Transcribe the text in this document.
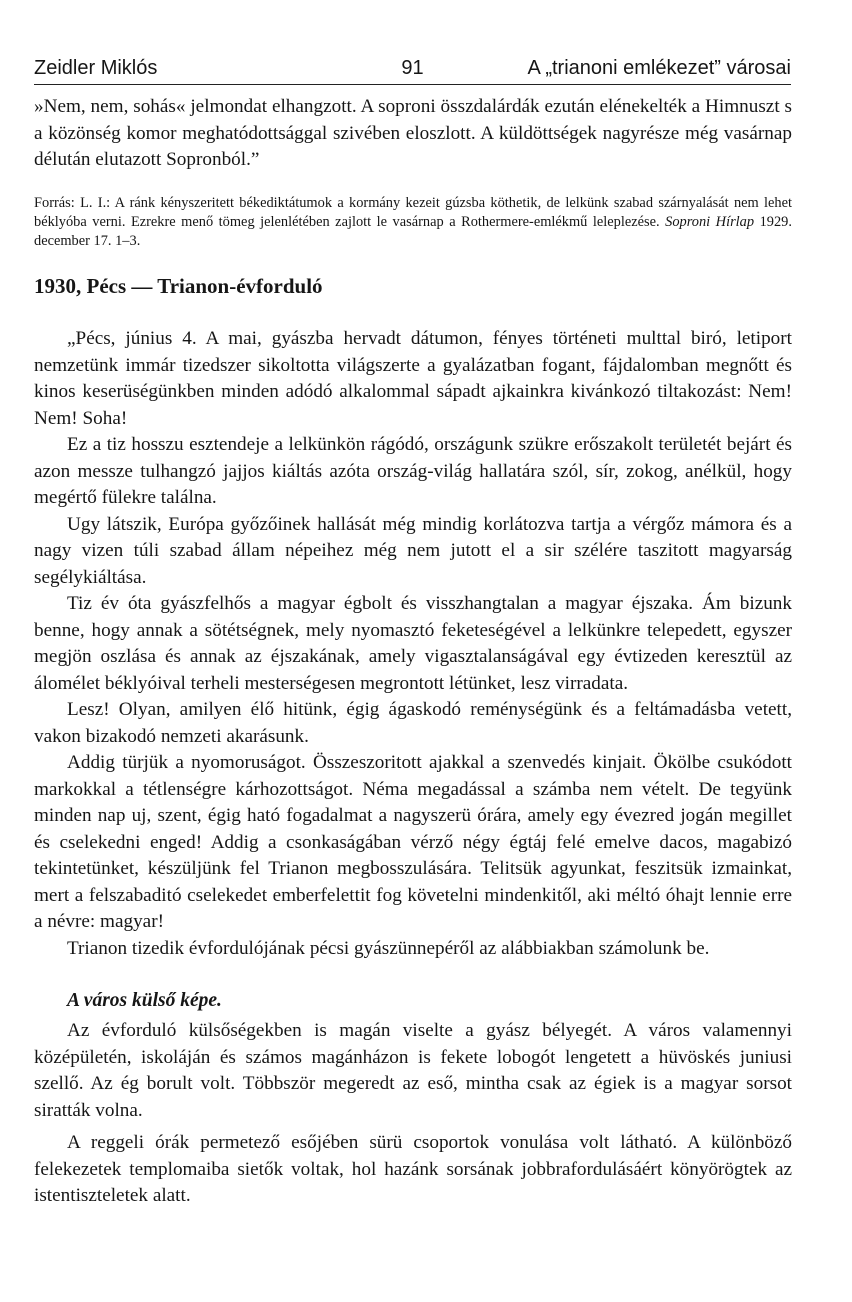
Zeidler Miklós	91	A „trianoni emlékezet” városai

»Nem, nem, sohás« jelmondat elhangzott. A soproni összdalárdák ezután elénekelték a Himnuszt s a közönség komor meghatódottsággal szivében eloszlott. A küldöttségek nagyrésze még vasárnap délután elutazott Sopronból.”

Forrás: L. I.: A ránk kényszeritett békediktátumok a kormány kezeit gúzsba köthetik, de lelkünk szabad szárnyalását nem lehet béklyóba verni. Ezrekre menő tömeg jelenlétében zajlott le vasárnap a Rothermere-emlékmű leleplezése. Soproni Hírlap 1929. december 17. 1–3.

1930, Pécs — Trianon-évforduló

„Pécs, június 4. A mai, gyászba hervadt dátumon, fényes történeti multtal biró, letiport nemzetünk immár tizedszer sikoltotta világszerte a gyalázatban fogant, fájdalomban megnőtt és kinos keserüségünkben minden adódó alkalommal sápadt ajkainkra kivánkozó tiltakozást: Nem! Nem! Soha!

Ez a tiz hosszu esztendeje a lelkünkön rágódó, országunk szükre erőszakolt területét bejárt és azon messze tulhangzó jajjos kiáltás azóta ország-világ hallatára szól, sír, zokog, anélkül, hogy megértő fülekre találna.

Ugy látszik, Európa győzőinek hallását még mindig korlátozva tartja a vérgőz mámora és a nagy vizen túli szabad állam népeihez még nem jutott el a sir szélére taszitott magyarság segélykiáltása.

Tiz év óta gyászfelhős a magyar égbolt és visszhangtalan a magyar éjszaka. Ám bizunk benne, hogy annak a sötétségnek, mely nyomasztó feketeségével a lelkünkre telepedett, egyszer megjön oszlása és annak az éjszakának, amely vigasztalanságával egy évtizeden keresztül az álomélet béklyóival terheli mesterségesen megrontott létünket, lesz virradata.

Lesz! Olyan, amilyen élő hitünk, égig ágaskodó reménységünk és a feltámadásba vetett, vakon bizakodó nemzeti akarásunk.

Addig türjük a nyomoruságot. Összeszoritott ajakkal a szenvedés kinjait. Ökölbe csukódott markokkal a tétlenségre kárhozottságot. Néma megadással a számba nem vételt. De tegyünk minden nap uj, szent, égig ható fogadalmat a nagyszerü órára, amely egy évezred jogán megillet és cselekedni enged! Addig a csonkaságában vérző négy égtáj felé emelve dacos, magabizó tekintetünket, készüljünk fel Trianon megbosszulására. Telitsük agyunkat, feszitsük izmainkat, mert a felszabaditó cselekedet emberfelettit fog követelni mindenkitől, aki méltó óhajt lennie erre a névre: magyar!

Trianon tizedik évfordulójának pécsi gyászünnepéről az alábbiakban számolunk be.

A város külső képe.

Az évforduló külsőségekben is magán viselte a gyász bélyegét. A város valamennyi középületén, iskoláján és számos magánházon is fekete lobogót lengetett a hüvöskés juniusi szellő. Az ég borult volt. Többször megeredt az eső, mintha csak az égiek is a magyar sorsot siratták volna.

A reggeli órák permetező esőjében sürü csoportok vonulása volt látható. A különböző felekezetek templomaiba sietők voltak, hol hazánk sorsának jobbrafordulásáért könyörögtek az istentiszteletek alatt.
